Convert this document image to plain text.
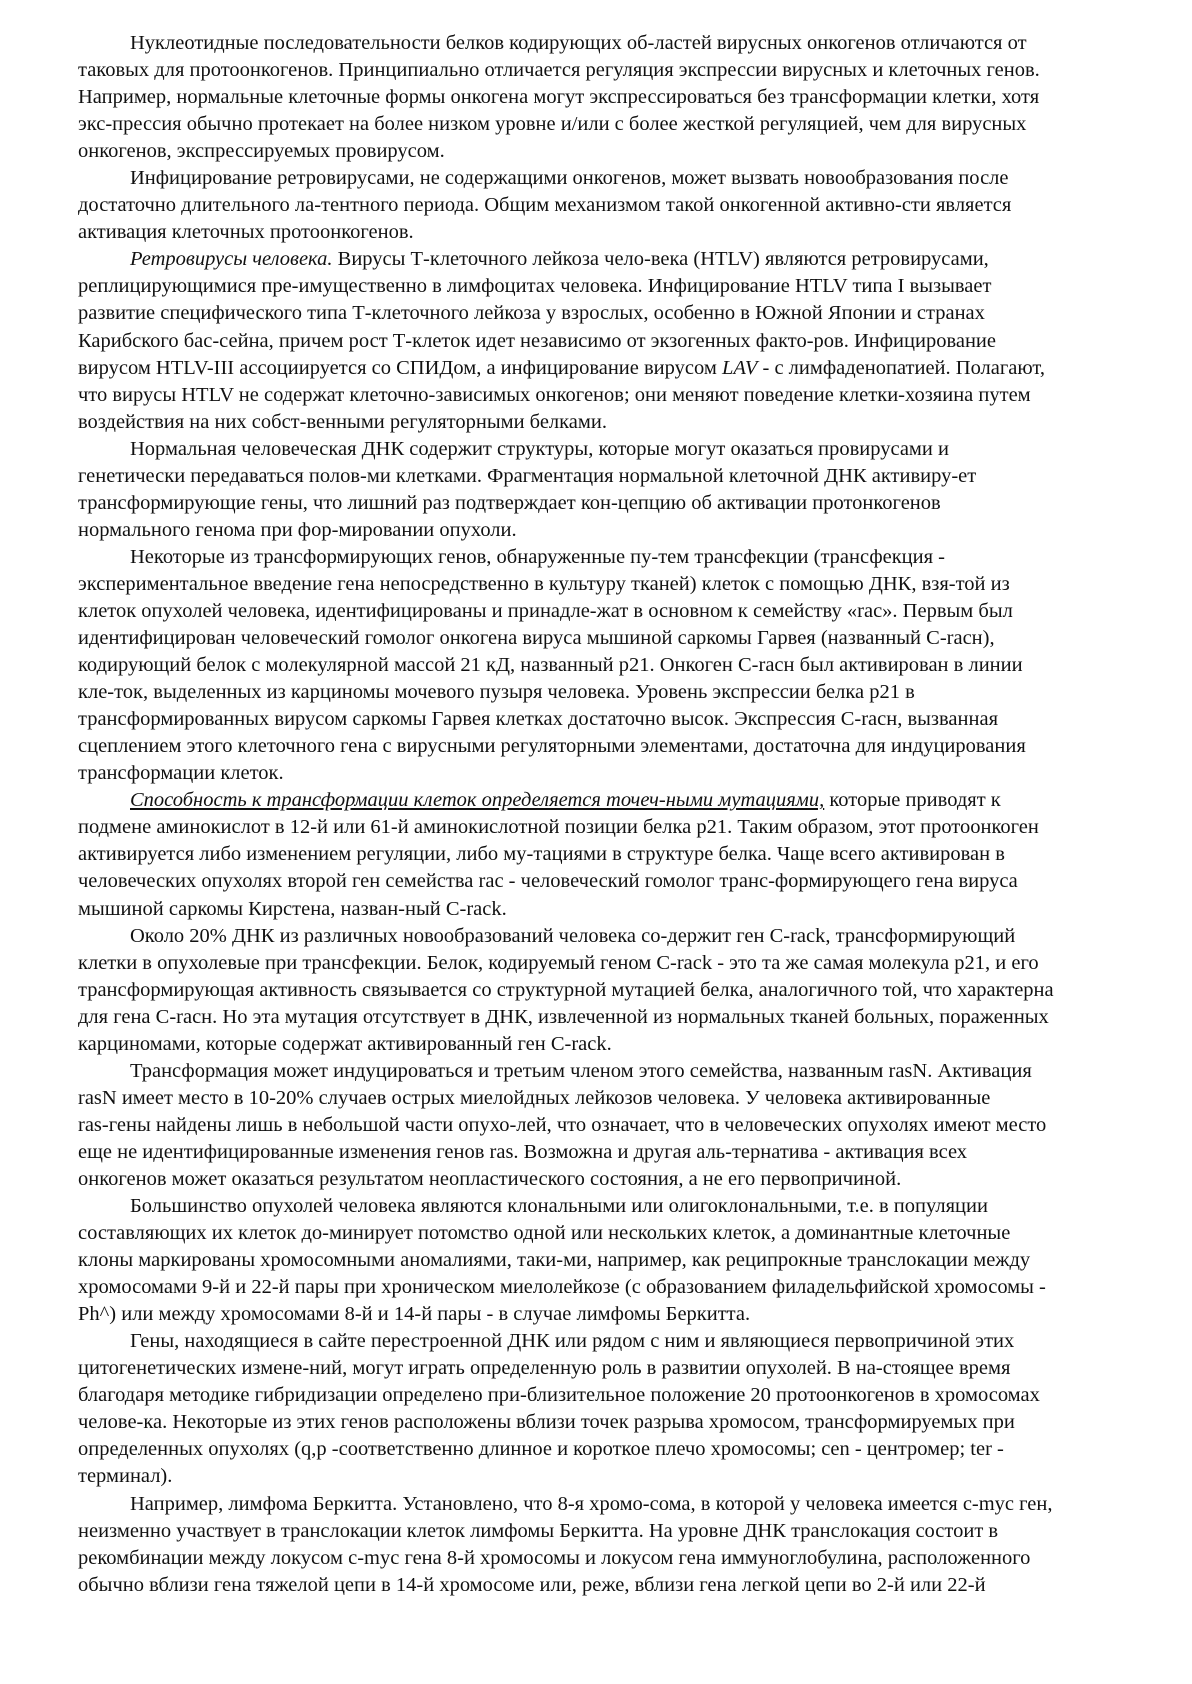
Нуклеотидные последовательности белков кодирующих об-ластей вирусных онкогенов отличаются от
таковых для протоонкогенов. Принципиально отличается регуляция экспрессии вирусных и клеточных генов.
Например, нормальные клеточные формы онкогена могут экспрессироваться без трансформации клетки, хотя
экс-прессия обычно протекает на более низком уровне и/или с более жесткой регуляцией, чем для вирусных
онкогенов, экспрессируемых провирусом.
Инфицирование ретровирусами, не содержащими онкогенов, может вызвать новообразования после
достаточно длительного ла-тентного периода. Общим механизмом такой онкогенной активно-сти является
активация клеточных протоонкогенов.
Ретровирусы человека. Вирусы Т-клеточного лейкоза чело-века (HTLV) являются ретровирусами,
реплицирующимися пре-имущественно в лимфоцитах человека. Инфицирование HTLV типа I вызывает
развитие специфического типа Т-клеточного лейкоза у взрослых, особенно в Южной Японии и странах
Карибского бас-сейна, причем рост Т-клеток идет независимо от экзогенных факто-ров. Инфицирование
вирусом HTLV-III ассоциируется со СПИДом, а инфицирование вирусом LAV - с лимфаденопатией. Полагают,
что вирусы HTLV не содержат клеточно-зависимых онкогенов; они меняют поведение клетки-хозяина путем
воздействия на них собст-венными регуляторными белками.
Нормальная человеческая ДНК содержит структуры, которые могут оказаться провирусами и
генетически передаваться полов-ми клетками. Фрагментация нормальной клеточной ДНК активиру-ет
трансформирующие гены, что лишний раз подтверждает кон-цепцию об активации протонкогенов
нормального генома при фор-мировании опухоли.
Некоторые из трансформирующих генов, обнаруженные пу-тем трансфекции (трансфекция -
экспериментальное введение гена непосредственно в культуру тканей) клеток с помощью ДНК, взя-той из
клеток опухолей человека, идентифицированы и принадле-жат в основном к семейству «rac». Первым был
идентифицирован человеческий гомолог онкогена вируса мышиной саркомы Гарвея (названный C-racн),
кодирующий белок с молекулярной массой 21 кД, названный p21. Онкоген C-racн был активирован в линии
кле-ток, выделенных из карциномы мочевого пузыря человека. Уровень экспрессии белка p21 в
трансформированных вирусом саркомы Гарвея клетках достаточно высок. Экспрессия C-racн, вызванная
сцеплением этого клеточного гена с вирусными регуляторными элементами, достаточна для индуцирования
трансформации клеток.
Способность к трансформации клеток определяется точеч-ными мутациями, которые приводят к
подмене аминокислот в 12-й или 61-й аминокислотной позиции белка p21. Таким образом, этот протоонкоген
активируется либо изменением регуляции, либо му-тациями в структуре белка. Чаще всего активирован в
человеческих опухолях второй ген семейства rac - человеческий гомолог транс-формирующего гена вируса
мышиной саркомы Кирстена, назван-ный C-rack.
Около 20% ДНК из различных новообразований человека со-держит ген C-rack, трансформирующий
клетки в опухолевые при трансфекции. Белок, кодируемый геном C-rack - это та же самая молекула p21, и его
трансформирующая активность связывается со структурной мутацией белка, аналогичного той, что характерна
для гена C-racн. Но эта мутация отсутствует в ДНК, извлеченной из нормальных тканей больных, пораженных
карциномами, которые содержат активированный ген C-rack.
Трансформация может индуцироваться и третьим членом этого семейства, названным rasN. Активация
rasN имеет место в 10-20% случаев острых миелойдных лейкозов человека. У человека активированные
ras-гены найдены лишь в небольшой части опухо-лей, что означает, что в человеческих опухолях имеют место
еще не идентифицированные изменения генов ras. Возможна и другая аль-тернатива - активация всех
онкогенов может оказаться результатом неопластического состояния, а не его первопричиной.
Большинство опухолей человека являются клональными или олигоклональными, т.е. в популяции
составляющих их клеток до-минирует потомство одной или нескольких клеток, а доминантные клеточные
клоны маркированы хромосомными аномалиями, таки-ми, например, как реципрокные транслокации между
хромосомами 9-й и 22-й пары при хроническом миелолейкозе (с образованием филадельфийской хромосомы -
Ph^) или между хромосомами 8-й и 14-й пары - в случае лимфомы Беркитта.
Гены, находящиеся в сайте перестроенной ДНК или рядом с ним и являющиеся первопричиной этих
цитогенетических измене-ний, могут играть определенную роль в развитии опухолей. В на-стоящее время
благодаря методике гибридизации определено при-близительное положение 20 протоонкогенов в хромосомах
челове-ка. Некоторые из этих генов расположены вблизи точек разрыва хромосом, трансформируемых при
определенных опухолях (q,p -соответственно длинное и короткое плечо хромосомы; cen - центромер; ter -
терминал).
Например, лимфома Беркитта. Установлено, что 8-я хромо-сома, в которой у человека имеется c-myc ген,
неизменно участвует в транслокации клеток лимфомы Беркитта. На уровне ДНК транслокация состоит в
рекомбинации между локусом c-myc гена 8-й хромосомы и локусом гена иммуноглобулина, расположенного
обычно вблизи гена тяжелой цепи в 14-й хромосоме или, реже, вблизи гена легкой цепи во 2-й или 22-й
